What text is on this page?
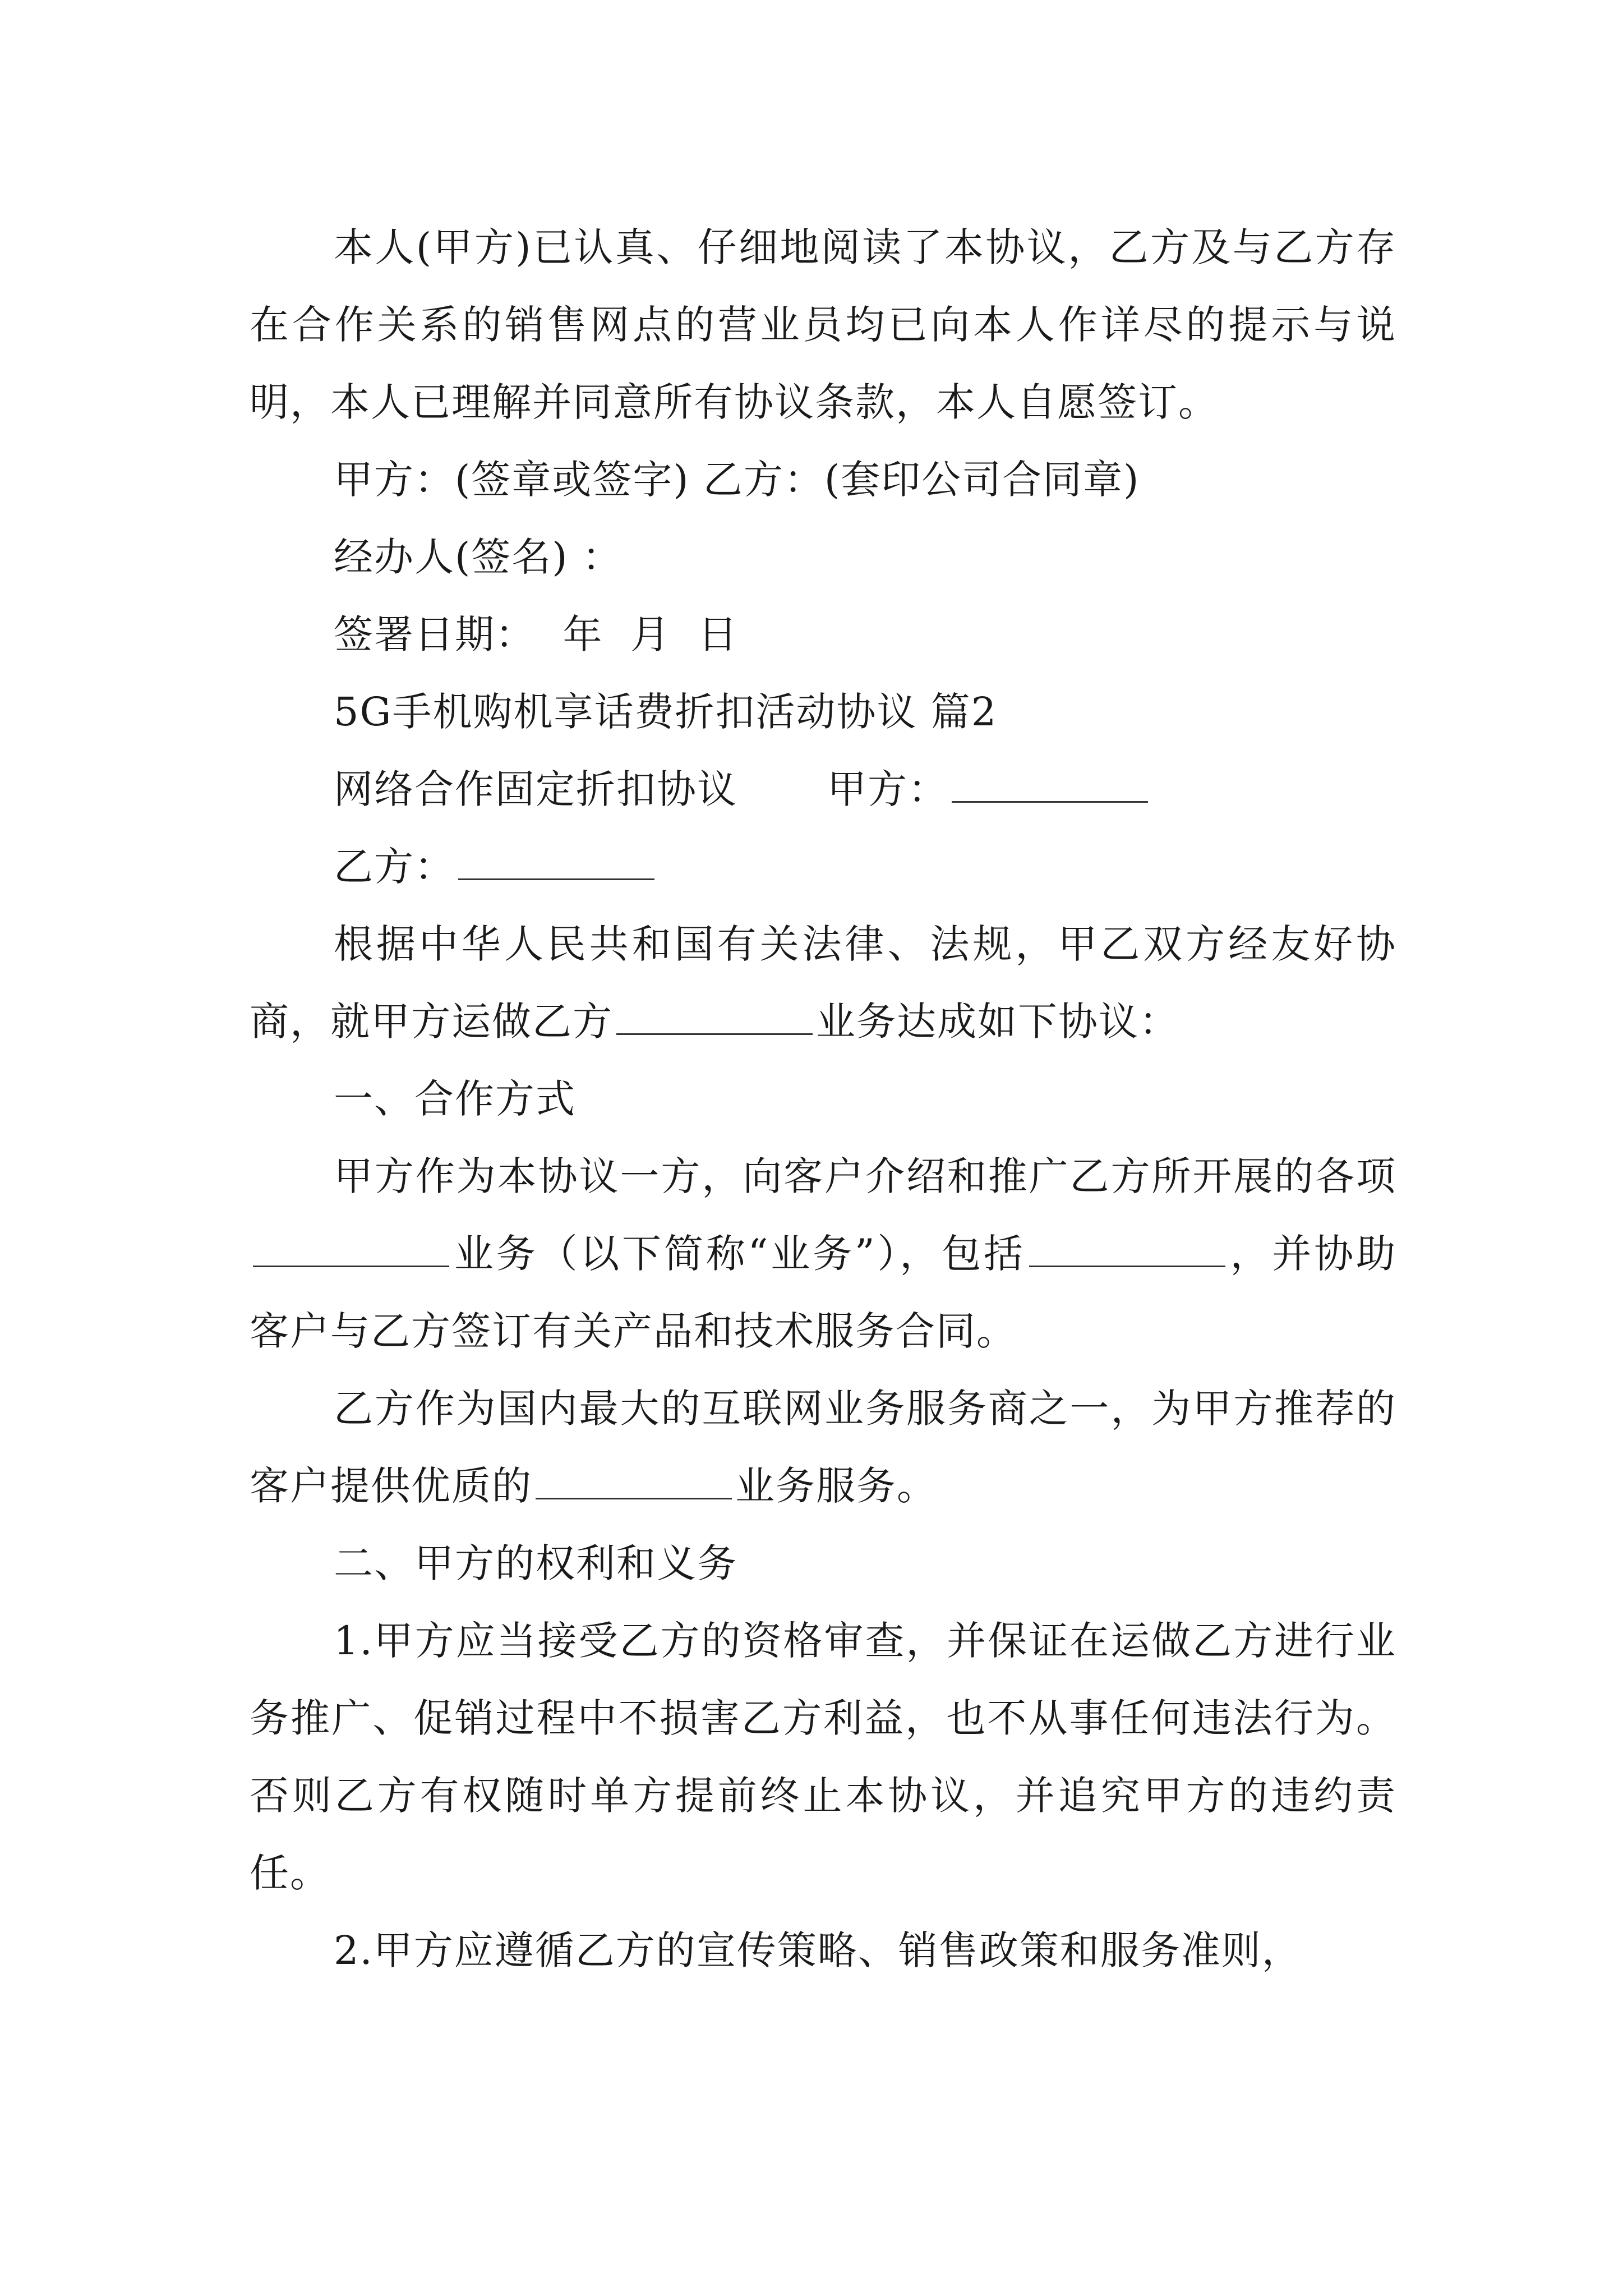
本人(甲方)已认真、仔细地阅读了本协议，乙方及与乙方存在合作关系的销售网点的营业员均已向本人作详尽的提示与说明，本人已理解并同意所有协议条款，本人自愿签订。

甲方：(签章或签字) 乙方：(套印公司合同章)

经办人(签名) ：

签署日期：  年  月  日

5G手机购机享话费折扣活动协议 篇2

网络合作固定折扣协议 甲方：

乙方：

根据中华人民共和国有关法律、法规，甲乙双方经友好协商，就甲方运做乙方	业务达成如下协议：

一、合作方式

甲方作为本协议一方，向客户介绍和推广乙方所开展的各项业务（以下简称“业务”），包括	，并协助客户与乙方签订有关产品和技术服务合同。

乙方作为国内最大的互联网业务服务商之一，为甲方推荐的客户提供优质的	业务服务。

二、甲方的权利和义务

1.甲方应当接受乙方的资格审查，并保证在运做乙方进行业务推广、促销过程中不损害乙方利益，也不从事任何违法行为。否则乙方有权随时单方提前终止本协议，并追究甲方的违约责任。

2.甲方应遵循乙方的宣传策略、销售政策和服务准则，
